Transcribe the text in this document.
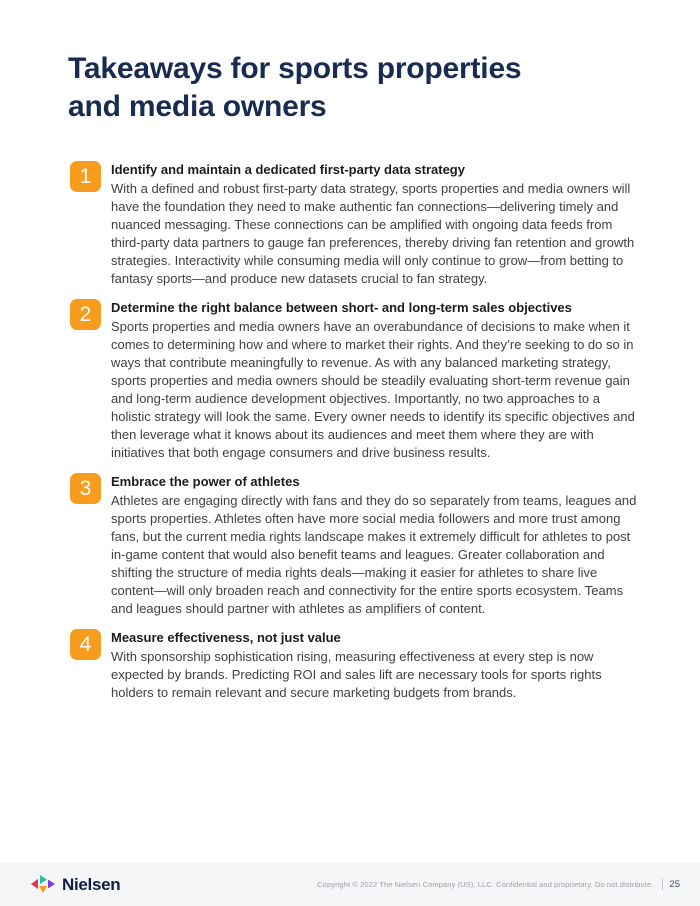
Takeaways for sports properties
and media owners
1	Identify and maintain a dedicated first-party data strategy

With a defined and robust first-party data strategy, sports properties and media owners will have the foundation they need to make authentic fan connections—delivering timely and nuanced messaging. These connections can be amplified with ongoing data feeds from third-party data partners to gauge fan preferences, thereby driving fan retention and growth strategies. Interactivity while consuming media will only continue to grow—from betting to fantasy sports—and produce new datasets crucial to fan strategy.

2	Determine the right balance between short- and long-term sales objectives

Sports properties and media owners have an overabundance of decisions to make when it comes to determining how and where to market their rights. And they’re seeking to do so in ways that contribute meaningfully to revenue. As with any balanced marketing strategy, sports properties and media owners should be steadily evaluating short-term revenue gain and long-term audience development objectives. Importantly, no two approaches to a holistic strategy will look the same. Every owner needs to identify its specific objectives and then leverage what it knows about its audiences and meet them where they are with initiatives that both engage consumers and drive business results.

3	Embrace the power of athletes

Athletes are engaging directly with fans and they do so separately from teams, leagues and sports properties. Athletes often have more social media followers and more trust among fans, but the current media rights landscape makes it extremely difficult for athletes to post in-game content that would also benefit teams and leagues. Greater collaboration and shifting the structure of media rights deals—making it easier for athletes to share live content—will only broaden reach and connectivity for the entire sports ecosystem. Teams and leagues should partner with athletes as amplifiers of content.

4	Measure effectiveness, not just value

With sponsorship sophistication rising, measuring effectiveness at every step is now expected by brands. Predicting ROI and sales lift are necessary tools for sports rights holders to remain relevant and secure marketing budgets from brands.

Nielsen	Copyright © 2022 The Nielsen Company (US), LLC. Confidential and proprietary. Do not distribute. 25
